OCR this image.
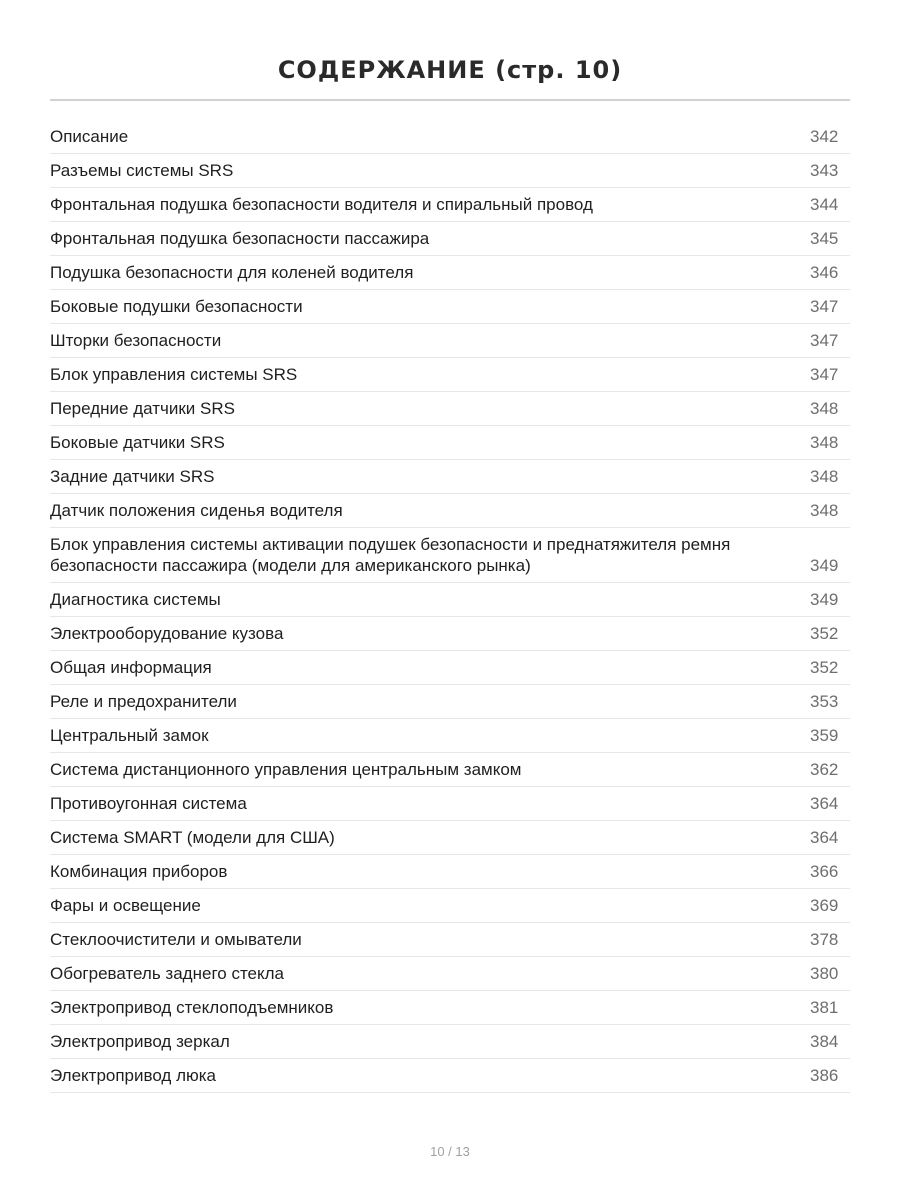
СОДЕРЖАНИЕ (стр. 10)
Описание	342
Разъемы системы SRS	343
Фронтальная подушка безопасности водителя и спиральный провод	344
Фронтальная подушка безопасности пассажира	345
Подушка безопасности для коленей водителя	346
Боковые подушки безопасности	347
Шторки безопасности	347
Блок управления системы SRS	347
Передние датчики SRS	348
Боковые датчики SRS	348
Задние датчики SRS	348
Датчик положения сиденья водителя	348
Блок управления системы активации подушек безопасности и преднатяжителя ремня безопасности пассажира (модели для американского рынка)	349
Диагностика системы	349
Электрооборудование кузова	352
Общая информация	352
Реле и предохранители	353
Центральный замок	359
Система дистанционного управления центральным замком	362
Противоугонная система	364
Система SMART (модели для США)	364
Комбинация приборов	366
Фары и освещение	369
Стеклоочистители и омыватели	378
Обогреватель заднего стекла	380
Электропривод стеклоподъемников	381
Электропривод зеркал	384
Электропривод люка	386
10 / 13
